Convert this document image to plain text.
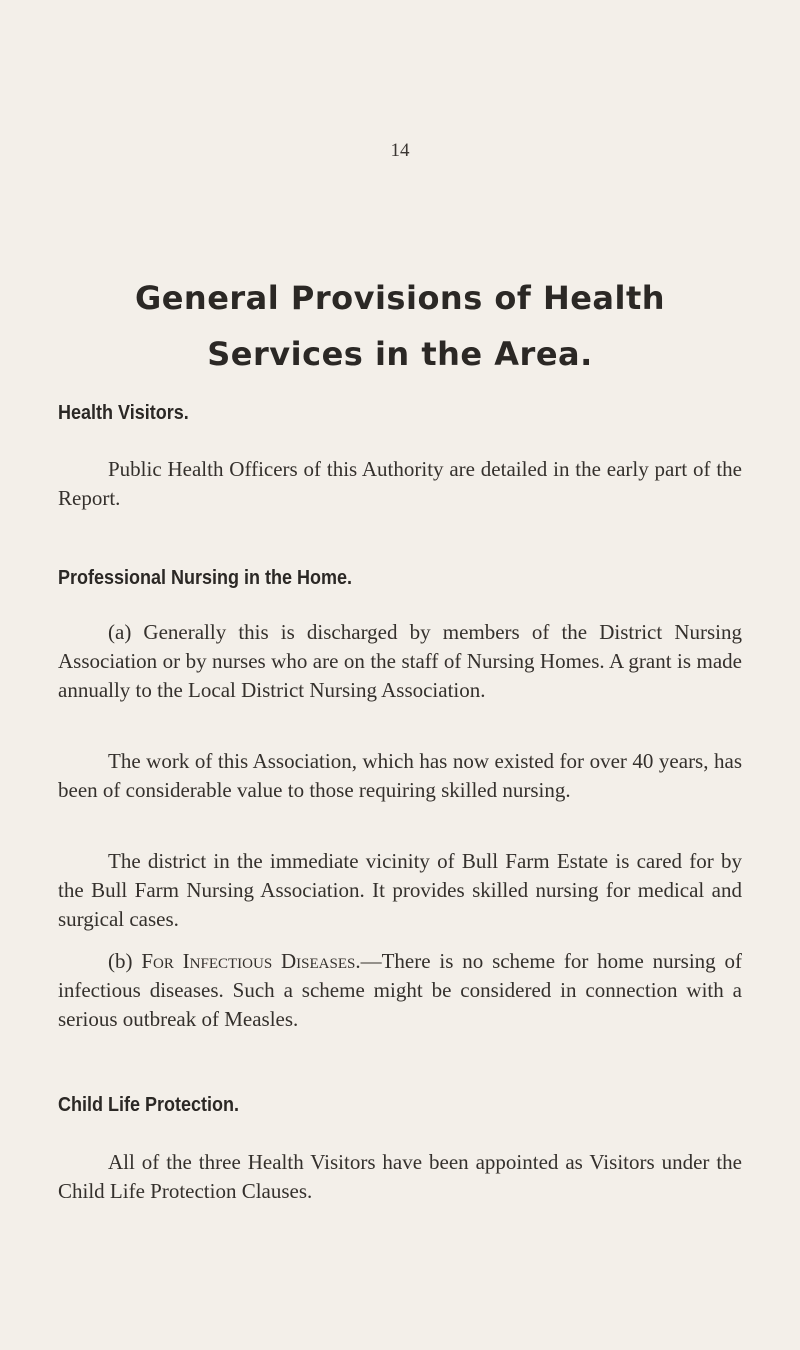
14
General Provisions of Health
Services in the Area.
Health Visitors.
Public Health Officers of this Authority are detailed in the early part of the Report.
Professional Nursing in the Home.
(a) Generally this is discharged by members of the District Nursing Association or by nurses who are on the staff of Nursing Homes. A grant is made annually to the Local District Nursing Association.
The work of this Association, which has now existed for over 40 years, has been of considerable value to those requiring skilled nursing.
The district in the immediate vicinity of Bull Farm Estate is cared for by the Bull Farm Nursing Association. It provides skilled nursing for medical and surgical cases.
(b) For Infectious Diseases.—There is no scheme for home nursing of infectious diseases. Such a scheme might be considered in connection with a serious outbreak of Measles.
Child Life Protection.
All of the three Health Visitors have been appointed as Visitors under the Child Life Protection Clauses.
